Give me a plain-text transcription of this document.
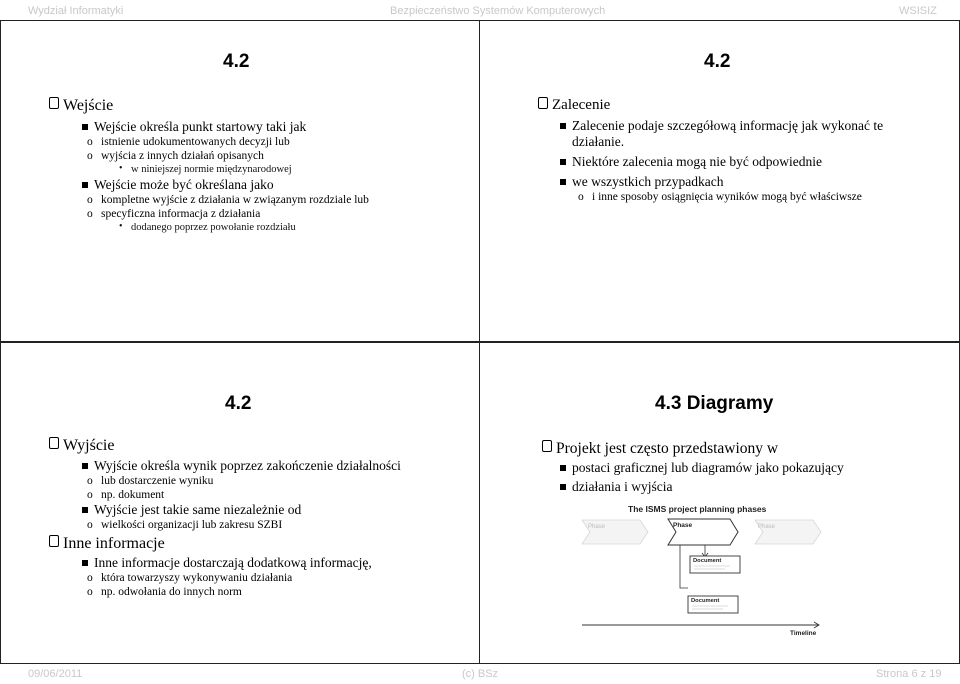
Wydział Informatyki	Bezpieczeństwo Systemów Komputerowych	WSISIZ
4.2
Wejście
Wejście określa punkt startowy taki jak
o istnienie udokumentowanych decyzji lub
o wyjścia z innych działań opisanych
• w niniejszej normie międzynarodowej
Wejście może być określana jako
o kompletne wyjście z działania w związanym rozdziale lub
o specyficzna informacja z działania
• dodanego poprzez powołanie rozdziału
4.2
Zalecenie
Zalecenie podaje szczegółową informację jak wykonać te
działanie.
Niektóre zalecenia mogą nie być odpowiednie
we wszystkich przypadkach
o i inne sposoby osiągnięcia wyników mogą być właściwsze
4.2
Wyjście
Wyjście określa wynik poprzez zakończenie działalności
o lub dostarczenie wyniku
o np. dokument
Wyjście jest takie same niezależnie od
o wielkości organizacji lub zakresu SZBI
Inne informacje
Inne informacje dostarczają dodatkową informację,
o która towarzyszy wykonywaniu działania
o np. odwołania do innych norm
4.3 Diagramy
Projekt jest często przedstawiony w
postaci graficznej lub diagramów jako pokazujący
działania i wyjścia
The ISMS project planning phases
Phase	Phase	Phase
Document
Document
Timeline
09/06/2011	(c) BSz	Strona 6 z 19
